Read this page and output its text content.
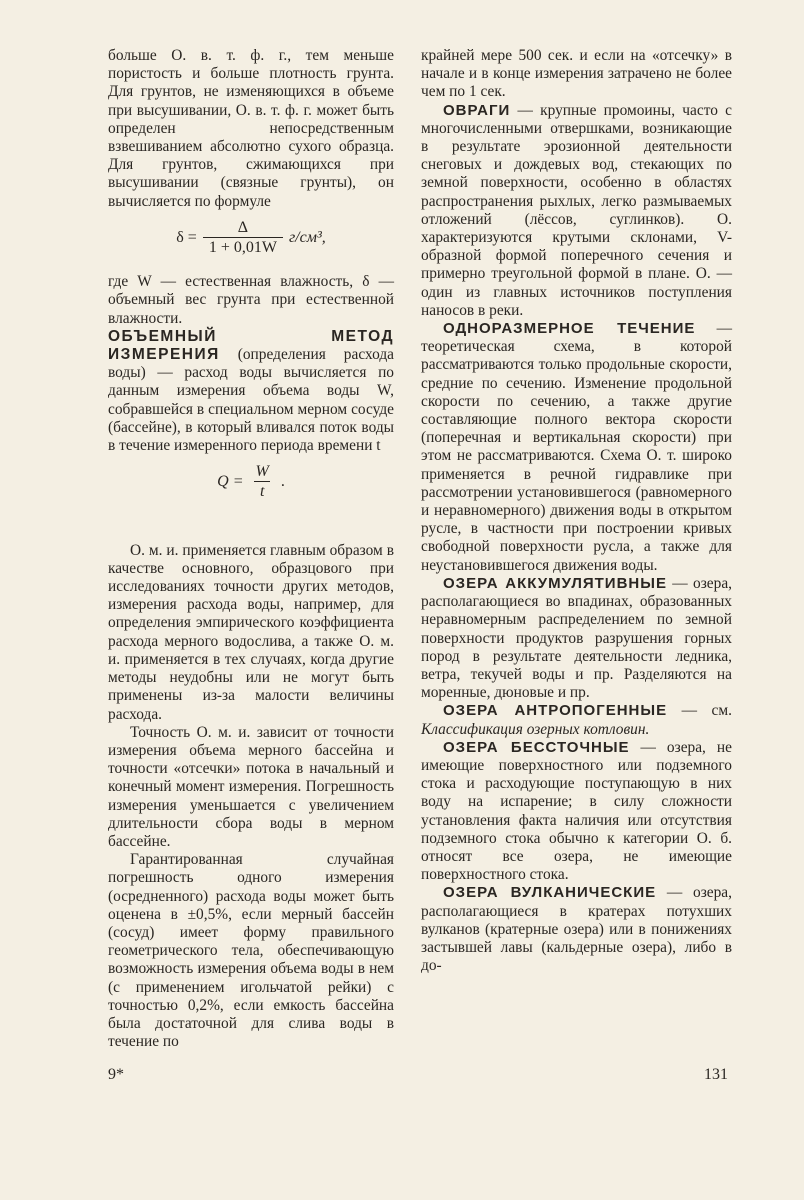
больше О. в. т. ф. г., тем меньше пористость и больше плотность грунта. Для грунтов, не изменяющихся в объеме при высушивании, О. в. т. ф. г. может быть определен непосредственным взвешиванием абсолютно сухого образца. Для грунтов, сжимающихся при высушивании (связные грунты), он вычисляется по формуле

$\delta = \frac{\Delta}{1 + 0,01W} г/см^3$,

где W — естественная влажность, δ — объемный вес грунта при естественной влажности.

ОБЪЕМНЫЙ МЕТОД ИЗМЕРЕНИЯ (определения расхода воды) — расход воды вычисляется по данным измерения объема воды W, собравшейся в специальном мерном сосуде (бассейне), в который вливался поток воды в течение измеренного периода времени t

$Q = \frac{W}{t}$ .

О. м. и. применяется главным образом в качестве основного, образцового при исследованиях точности других методов, измерения расхода воды, например, для определения эмпирического коэффициента расхода мерного водослива, а также О. м. и. применяется в тех случаях, когда другие методы неудобны или не могут быть применены из-за малости величины расхода.

Точность О. м. и. зависит от точности измерения объема мерного бассейна и точности «отсечки» потока в начальный и конечный момент измерения. Погрешность измерения уменьшается с увеличением длительности сбора воды в мерном бассейне.

Гарантированная случайная погрешность одного измерения (осредненного) расхода воды может быть оценена в ±0,5%, если мерный бассейн (сосуд) имеет форму правильного геометрического тела, обеспечивающую возможность измерения объема воды в нем (с применением игольчатой рейки) с точностью 0,2%, если емкость бассейна была достаточной для слива воды в течение по

крайней мере 500 сек. и если на «отсечку» в начале и в конце измерения затрачено не более чем по 1 сек.

ОВРАГИ — крупные промоины, часто с многочисленными отвершками, возникающие в результате эрозионной деятельности снеговых и дождевых вод, стекающих по земной поверхности, особенно в областях распространения рыхлых, легко размываемых отложений (лёссов, суглинков). О. характеризуются крутыми склонами, V-образной формой поперечного сечения и примерно треугольной формой в плане. О. — один из главных источников поступления наносов в реки.

ОДНОРАЗМЕРНОЕ ТЕЧЕНИЕ — теоретическая схема, в которой рассматриваются только продольные скорости, средние по сечению. Изменение продольной скорости по сечению, а также другие составляющие полного вектора скорости (поперечная и вертикальная скорости) при этом не рассматриваются. Схема О. т. широко применяется в речной гидравлике при рассмотрении установившегося (равномерного и неравномерного) движения воды в открытом русле, в частности при построении кривых свободной поверхности русла, а также для неустановившегося движения воды.

ОЗЕРА АККУМУЛЯТИВНЫЕ — озера, располагающиеся во впадинах, образованных неравномерным распределением по земной поверхности продуктов разрушения горных пород в результате деятельности ледника, ветра, текучей воды и пр. Разделяются на моренные, дюновые и пр.

ОЗЕРА АНТРОПОГЕННЫЕ — см. Классификация озерных котловин.

ОЗЕРА БЕССТОЧНЫЕ — озера, не имеющие поверхностного или подземного стока и расходующие поступающую в них воду на испарение; в силу сложности установления факта наличия или отсутствия подземного стока обычно к категории О. б. относят все озера, не имеющие поверхностного стока.

ОЗЕРА ВУЛКАНИЧЕСКИЕ — озера, располагающиеся в кратерах потухших вулканов (кратерные озера) или в понижениях застывшей лавы (кальдерные озера), либо в до-

9*	131
